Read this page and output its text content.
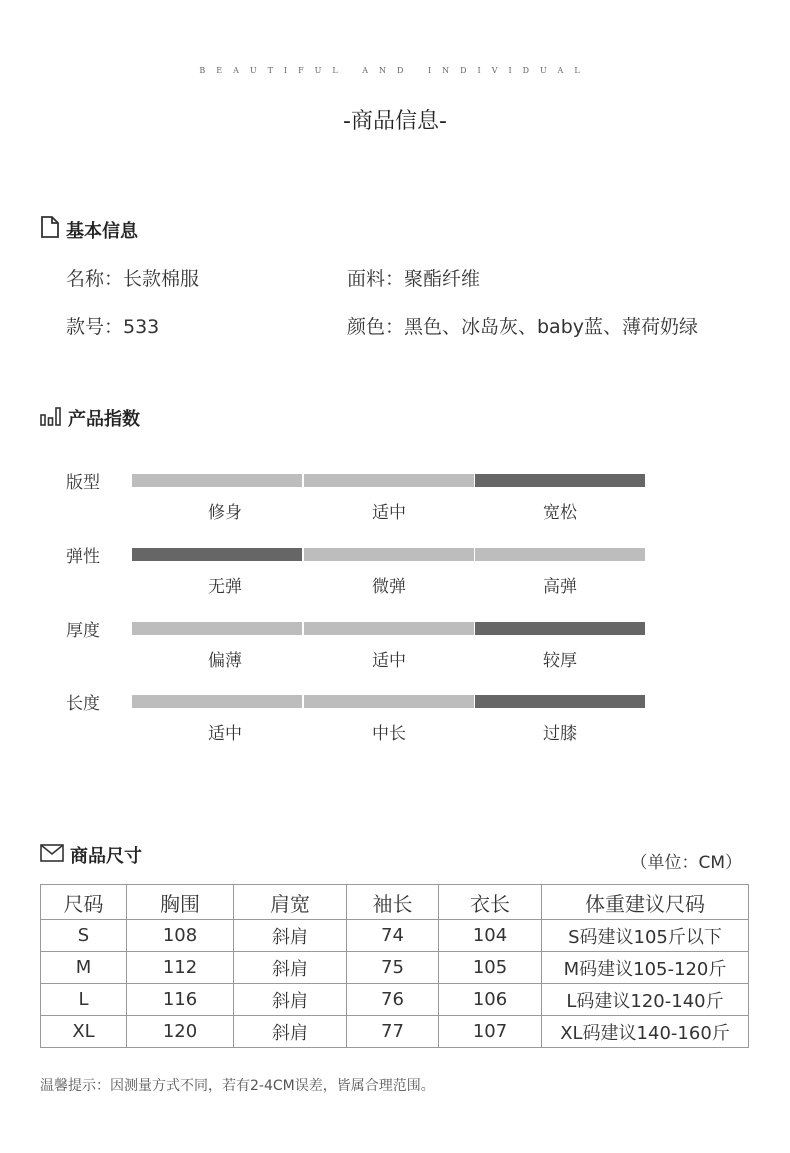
BEAUTIFUL AND INDIVIDUAL
-商品信息-
基本信息
名称：长款棉服	面料：聚酯纤维
款号：533	颜色：黑色、冰岛灰、baby蓝、薄荷奶绿
产品指数
版型
修身	适中	宽松
弹性
无弹	微弹	高弹
厚度
偏薄	适中	较厚
长度
适中	中长	过膝
商品尺寸	（单位：CM）
尺码	胸围	肩宽	袖长	衣长	体重建议尺码
S	108	斜肩	74	104	S码建议105斤以下
M	112	斜肩	75	105	M码建议105-120斤
L	116	斜肩	76	106	L码建议120-140斤
XL	120	斜肩	77	107	XL码建议140-160斤
温馨提示：因测量方式不同，若有2-4CM误差，皆属合理范围。
